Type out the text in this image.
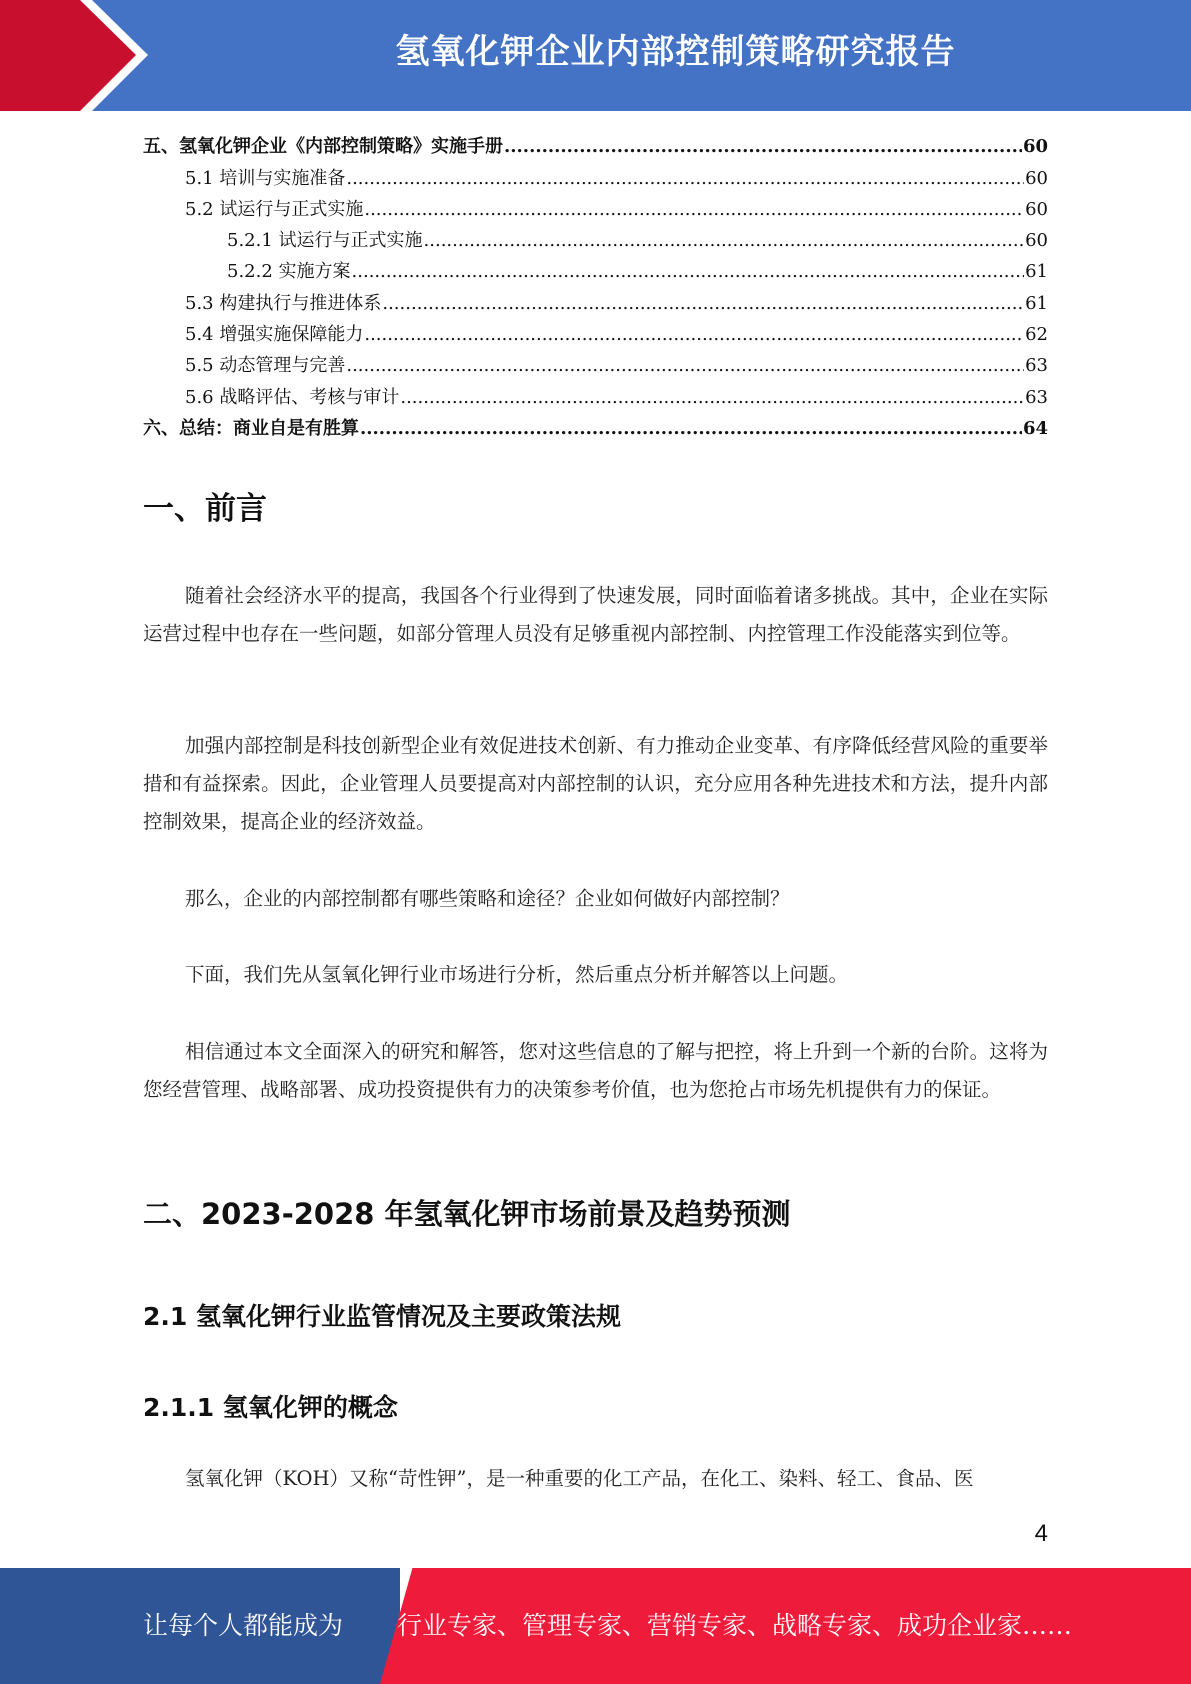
氢氧化钾企业内部控制策略研究报告
五、氢氧化钾企业《内部控制策略》实施手册 .....	60
5.1 培训与实施准备 .....	60
5.2 试运行与正式实施 .....	60
5.2.1 试运行与正式实施 .....	60
5.2.2 实施方案 .....	61
5.3 构建执行与推进体系 .....	61
5.4 增强实施保障能力 .....	62
5.5 动态管理与完善 .....	63
5.6 战略评估、考核与审计 .....	63
六、总结：商业自是有胜算 .....	64
一、前言
随着社会经济水平的提高，我国各个行业得到了快速发展，同时面临着诸多挑战。其中，企业在实际运营过程中也存在一些问题，如部分管理人员没有足够重视内部控制、内控管理工作没能落实到位等。
加强内部控制是科技创新型企业有效促进技术创新、有力推动企业变革、有序降低经营风险的重要举措和有益探索。因此，企业管理人员要提高对内部控制的认识，充分应用各种先进技术和方法，提升内部控制效果，提高企业的经济效益。
那么，企业的内部控制都有哪些策略和途径？企业如何做好内部控制？
下面，我们先从氢氧化钾行业市场进行分析，然后重点分析并解答以上问题。
相信通过本文全面深入的研究和解答，您对这些信息的了解与把控，将上升到一个新的台阶。这将为您经营管理、战略部署、成功投资提供有力的决策参考价值，也为您抢占市场先机提供有力的保证。
二、2023-2028 年氢氧化钾市场前景及趋势预测
2.1 氢氧化钾行业监管情况及主要政策法规
2.1.1 氢氧化钾的概念
氢氧化钾（KOH）又称“苛性钾”，是一种重要的化工产品，在化工、染料、轻工、食品、医
4
让每个人都能成为 行业专家、管理专家、营销专家、战略专家、成功企业家……
